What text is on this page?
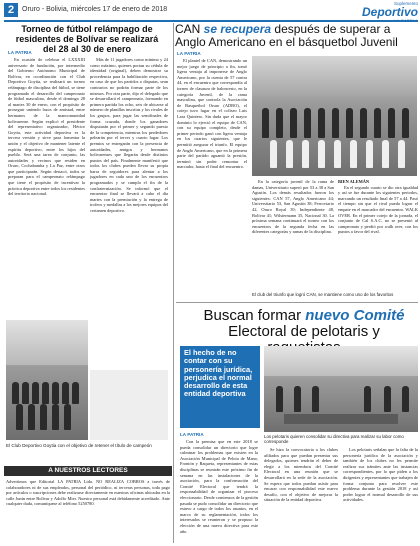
2	Oruro - Bolivia, miércoles 17 de enero de 2018
Suplemento
Deportivo
Torneo de fútbol relámpago de residentes de Bolívar se realizará del 28 al 30 de enero
LA PATRIA

En ocasión de celebrar el LXXXIII aniversario de fundación, por intermedio del Gobierno Autónomo Municipal de Bolívar, en coordinación con el Club Deportivo Goytia, se realizará un torneo relámpago de disciplina del fútbol, se tiene programado el desarrollo del campeonato de fútbol masculino, desde el domingo 28 al martes 30 de enero, con el propósito de proseguir uniendo lazos de amistad, entre hermanos de la mancomunidad bolivarense. Según explicó el presidente del representativo organizador, Héctor Goytia, este actividad deportiva es la tercera versión y sirve para fomentar la unión y el objetivo de mantener latente el espíritu deportivo, entre los hijos del pueblo. Será una tarea de conjunto, las autoridades y vecinos que residen en Oruro, Cochabamba y La Paz, entre otros que participarán. Según destacó, todos se preparan para el campeonato relámpago que tiene el propósito de incentivar la práctica deportiva entre todos los residentes del territorio nacional.

Más de 11 jugadores como mínimo y 24 como máximo, quienes portan su cédula de identidad (original), deben demostrar su procedencia para la habilitación respectiva, en caso de que los partidos o disputas, sean contrarios no podrán formar parte de los mismos. Por otra parte, dijo el delegado que se desarrollará el campeonato, formando en primera partida los ocho, seis de ubicarse al número de planillas inscritas y los rivales de los grupos, para jugar las semifinales de forma cruzada, donde los ganadores disputarán por el primer y segundo puesto de la competencia, mientras los perdedores pelearán por el tercer y cuarto lugar. Los premios se entregarán con la presencia de autoridades, amigos y hermanos bolivarenses que llegarán desde distintos puntos del país. Finalmente manifestó que todos los clubes pueden llevar su propia barra de seguidores para alentar a los jugadores en cada uno de los encuentros programados y se cumpla el fin de la confraternización. Se informó que el encuentro final se llevará a cabo el día martes con la premiación y la entrega de trofeos y medallas a los mejores equipos del certamen deportivo.

El Club Deportivo Goytia con el objetivo de retener el título de campeón
A NUESTROS LECTORES
Advertimos que Editorial LA PATRIA Ltda. NO REALIZA COBROS a través de colaboradores ni de sus empleados, personal del periódico, ni terceras personas, toda pago por artículos o suscripciones debe realizarse directamente en nuestras oficinas ubicadas en la calle Junín entre Bolívar y Adolfo Mier. Nuestro personal está debidamente acreditado. Ante cualquier duda, comuníquese al teléfono 5250780.
CAN se recupera después de superar a Anglo Americano en el básquetbol Juvenil
LA PATRIA

El plantel de CAN, demostrando un mejor juego de principio a fin, tomó ligera ventaja al imponerse de Anglo Americano, por la cuenta de 57 contra 44, en el encuentro que correspondía al torneo de clausura de baloncesto, en la categoría Juvenil, de la rama masculina, que controla la Asociación de Basquetbol Oruro (ADBO), el cotejo tuvo lugar en el coliseo Luis Lara Quintero. Sin duda que el mayor dominio lo ejerció el equipo de CAN, con su equipo completo, desde el primer periodo ganó con ligera ventaja en los cuartos siguientes, que le permitió asegurar el triunfo. El equipo de Anglo Americano, que en la primera parte del partido aguantó la presión, terminó sin poder remontar el marcador, hasta el final del encuentro.

En la categoría juvenil de la rama de damas, Universitario superó por 53 a 38 a San Agustín. Los demás resultados fueron los siguientes: CAN 57, Anglo Americano 44; Universitario 53, San Agustín 38; Ferroviario 42, Oruro Royal 39; Independiente 48, Bolívar 41; Wilstermann 35, Nacional 30. La próxima semana continuará el torneo con los encuentros de la segunda fecha en las diferentes categorías y ramas de la disciplina.

El club del triunfo que logró CAN, se mantiene como uno de los favoritos

BIEN ALEMÁN

En el segundo cuarto se dio otra igualdad y así se fue durante los siguientes periodos, marcando un resultado final de 57 a 44. Pasó el tiempo sin que el rival pueda lograr el empate en el marcador del encuentro. WALK OVER. En el primer cotejo de la jornada, el conjunto de Cal S.A.C. no se presentó al campeonato y perdió por walk over, con los puntos a favor del rival.

Buscan formar nuevo Comité Electoral de pelotaris y
El hecho de no contar con su personería jurídica, perjudica el normal desarrollo de esta entidad deportiva
Los pelotaris quieren consolidar su directiva para realizar su labor como corresponde
LA PATRIA

Con la premisa que en este 2018 se pueda consolidar un directorio que logre culminar los problemas que existen en la Asociación Municipal de Pelota de Mano, Frontón y Raqueta, representantes de estas disciplinas se reunirán este próximo fin de semana en las instalaciones de la asociación, para la conformación del Comité Electoral que tendrá la responsabilidad de organizar el proceso eleccionario. Desde comienzos de la gestión pasada se pudo consolidar un directorio que estuvo a cargo de todos los asuntos, en el marco de su reglamentación, todos los interesados se reunieron y se propuso la elección de una nueva directiva para este año.

Se hizo la convocatoria a los clubes afiliados para que puedan presentar sus delegados, quienes tendrán el deber de elegir a los miembros del Comité Electoral en una reunión que se desarrollará en la sede de la asociación. Se espera que todos puedan asistir para encarar con responsabilidad este nuevo desafío, con el objetivo de mejorar la situación de la entidad deportiva.

Los pelotaris señalan que la falta de la personería jurídica de la asociación y también de los clubes no les permite realizar sus trámites ante las instancias correspondientes, por lo que piden a los dirigentes y representantes que trabajen de forma conjunta para resolver este problema durante la gestión 2018 y así poder lograr el normal desarrollo de sus actividades.
